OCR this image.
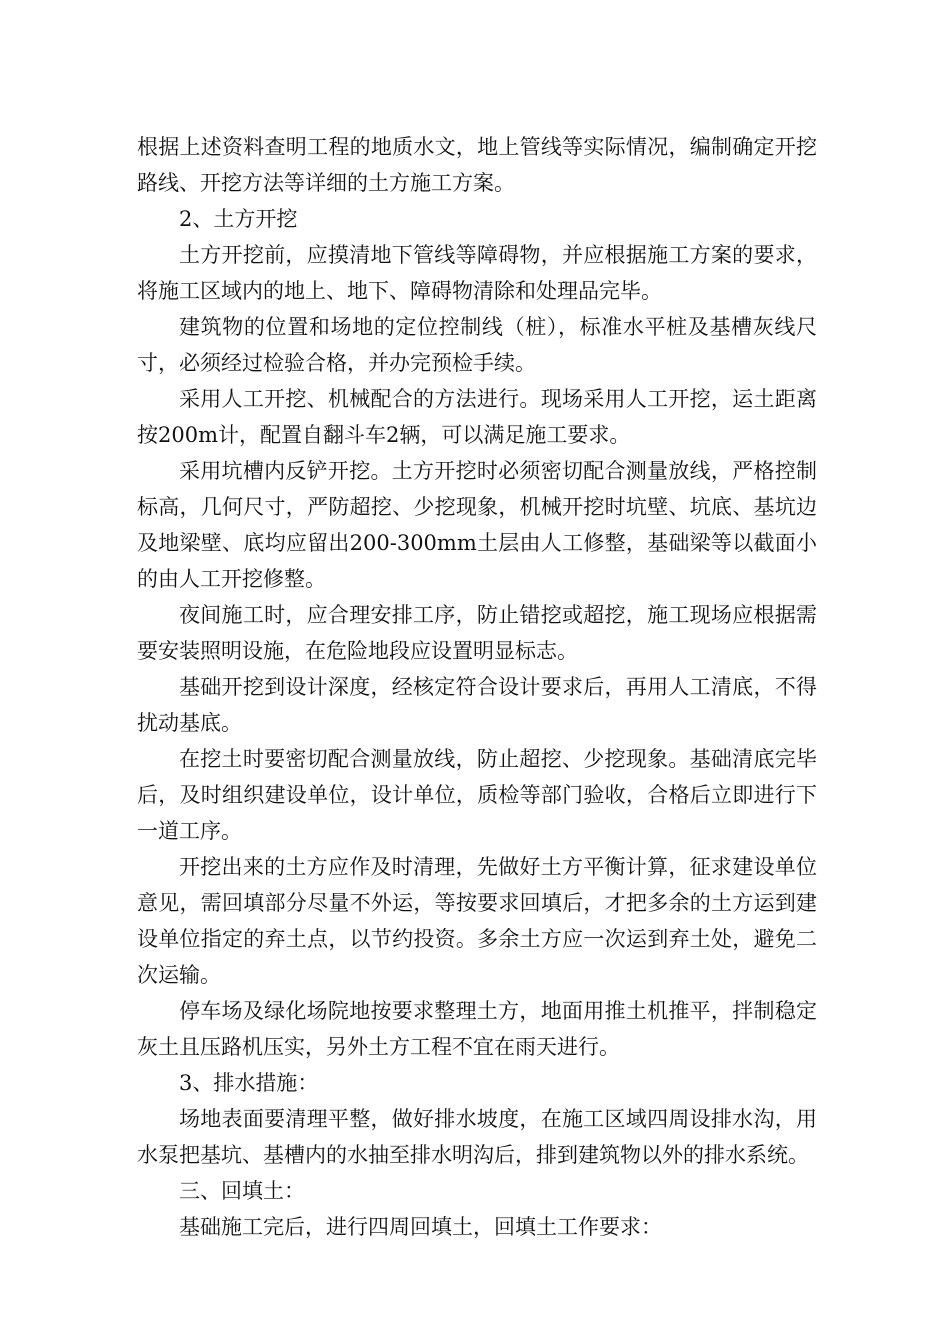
根据上述资料查明工程的地质水文，地上管线等实际情况，编制确定开挖路线、开挖方法等详细的土方施工方案。

2、土方开挖

土方开挖前，应摸清地下管线等障碍物，并应根据施工方案的要求，将施工区域内的地上、地下、障碍物清除和处理品完毕。

建筑物的位置和场地的定位控制线（桩），标准水平桩及基槽灰线尺寸，必须经过检验合格，并办完预检手续。

采用人工开挖、机械配合的方法进行。现场采用人工开挖，运土距离按200m计，配置自翻斗车2辆，可以满足施工要求。

采用坑槽内反铲开挖。土方开挖时必须密切配合测量放线，严格控制标高，几何尺寸，严防超挖、少挖现象，机械开挖时坑壁、坑底、基坑边及地梁壁、底均应留出200-300mm土层由人工修整，基础梁等以截面小的由人工开挖修整。

夜间施工时，应合理安排工序，防止错挖或超挖，施工现场应根据需要安装照明设施，在危险地段应设置明显标志。

基础开挖到设计深度，经核定符合设计要求后，再用人工清底，不得扰动基底。

在挖土时要密切配合测量放线，防止超挖、少挖现象。基础清底完毕后，及时组织建设单位，设计单位，质检等部门验收，合格后立即进行下一道工序。

开挖出来的土方应作及时清理，先做好土方平衡计算，征求建设单位意见，需回填部分尽量不外运，等按要求回填后，才把多余的土方运到建设单位指定的弃土点，以节约投资。多余土方应一次运到弃土处，避免二次运输。

停车场及绿化场院地按要求整理土方，地面用推土机推平，拌制稳定灰土且压路机压实，另外土方工程不宜在雨天进行。

3、排水措施：

场地表面要清理平整，做好排水坡度，在施工区域四周设排水沟，用水泵把基坑、基槽内的水抽至排水明沟后，排到建筑物以外的排水系统。

三、回填土：

基础施工完后，进行四周回填土，回填土工作要求：
